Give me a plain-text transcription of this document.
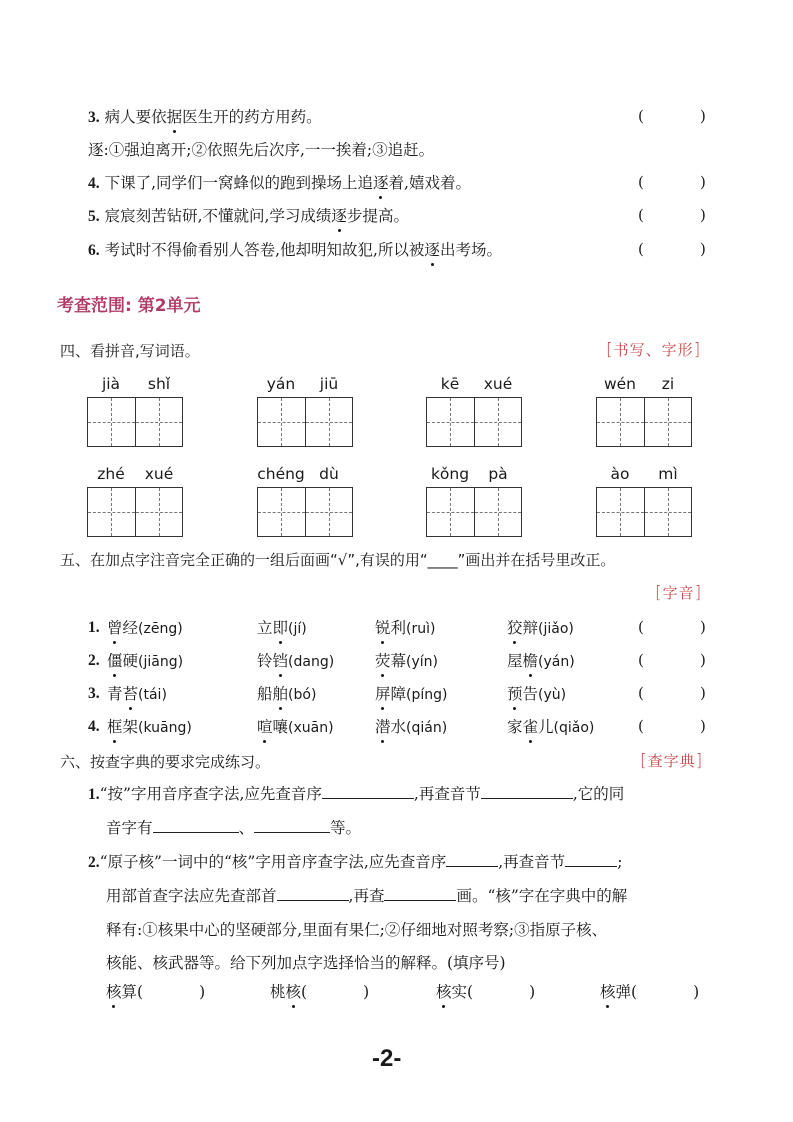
3. 病人要依据医生开的药方用药。	(	)
逐:①强迫离开;②依照先后次序,一一挨着;③追赶。
4. 下课了,同学们一窝蜂似的跑到操场上追逐着,嬉戏着。	(	)
5. 宸宸刻苦钻研,不懂就问,学习成绩逐步提高。	(	)
6. 考试时不得偷看别人答卷,他却明知故犯,所以被逐出考场。	(	)
考查范围: 第2单元
四、看拼音,写词语。	[书写、字形]
jià	shǐ	yán	jiū	kē	xué	wén	zi
zhé	xué	chéng dù	kǒng	pà	ào	mì
五、在加点字注音完全正确的一组后面画“√”,有误的用“____”画出并在括号里改正。
[字音]
1. 曾经(zēng)	立即(jí)	锐利(ruì)	狡辩(jiǎo)	(	)
2. 僵硬(jiāng)	铃铛(dang)	荧幕(yín)	屋檐(yán)	(	)
3. 青苔(tái)	船舶(bó)	屏障(píng)	预告(yù)	(	)
4. 框架(kuāng)	喧嚷(xuān)	潜水(qián)	家雀儿(qiǎo)	(	)
六、按查字典的要求完成练习。	[查字典]
1.“按”字用音序查字法,应先查音序	,再查音节	,它的同
音字有	、	等。
2.“原子核”一词中的“核”字用音序查字法,应先查音序	,再查音节	;
用部首查字法应先查部首	,再查	画。“核”字在字典中的解
释有:①核果中心的坚硬部分,里面有果仁;②仔细地对照考察;③指原子核、
核能、核武器等。给下列加点字选择恰当的解释。(填序号)
核算(	)	桃核(	)	核实(	)	核弹(	)
-2-
